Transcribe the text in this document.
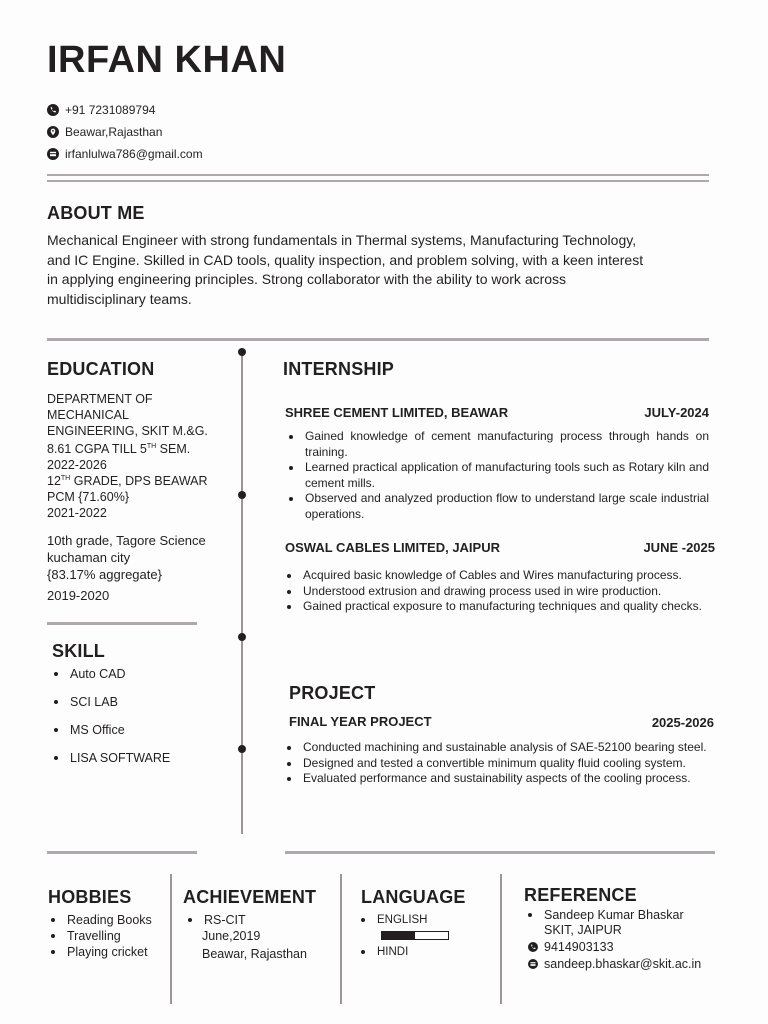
IRFAN KHAN
+91 7231089794
Beawar,Rajasthan
irfanlulwa786@gmail.com
ABOUT ME
Mechanical Engineer with strong fundamentals in Thermal systems, Manufacturing Technology,
and IC Engine. Skilled in CAD tools, quality inspection, and problem solving, with a keen interest
in applying engineering principles. Strong collaborator with the ability to work across
multidisciplinary teams.
EDUCATION
DEPARTMENT OF MECHANICAL
ENGINEERING, SKIT M.&G.
8.61 CGPA TILL 5TH SEM.
2022-2026
12TH GRADE, DPS BEAWAR
PCM {71.60%}
2021-2022
10th grade, Tagore Science
kuchaman city
{83.17% aggregate}
2019-2020
SKILL
Auto CAD
SCI LAB
MS Office
LISA SOFTWARE
INTERNSHIP
SHREE CEMENT LIMITED, BEAWAR	JULY-2024
Gained knowledge of cement manufacturing process through hands on training.
Learned practical application of manufacturing tools such as Rotary kiln and cement mills.
Observed and analyzed production flow to understand large scale industrial operations.
OSWAL CABLES LIMITED, JAIPUR	JUNE -2025
Acquired basic knowledge of Cables and Wires manufacturing process.
Understood extrusion and drawing process used in wire production.
Gained practical exposure to manufacturing techniques and quality checks.
PROJECT
FINAL YEAR PROJECT	2025-2026
Conducted machining and sustainable analysis of SAE-52100 bearing steel.
Designed and tested a convertible minimum quality fluid cooling system.
Evaluated performance and sustainability aspects of the cooling process.
HOBBIES
Reading Books
Travelling
Playing cricket
ACHIEVEMENT
RS-CIT
June,2019
Beawar, Rajasthan
LANGUAGE
ENGLISH
HINDI
REFERENCE
Sandeep Kumar Bhaskar
SKIT, JAIPUR
9414903133
sandeep.bhaskar@skit.ac.in
